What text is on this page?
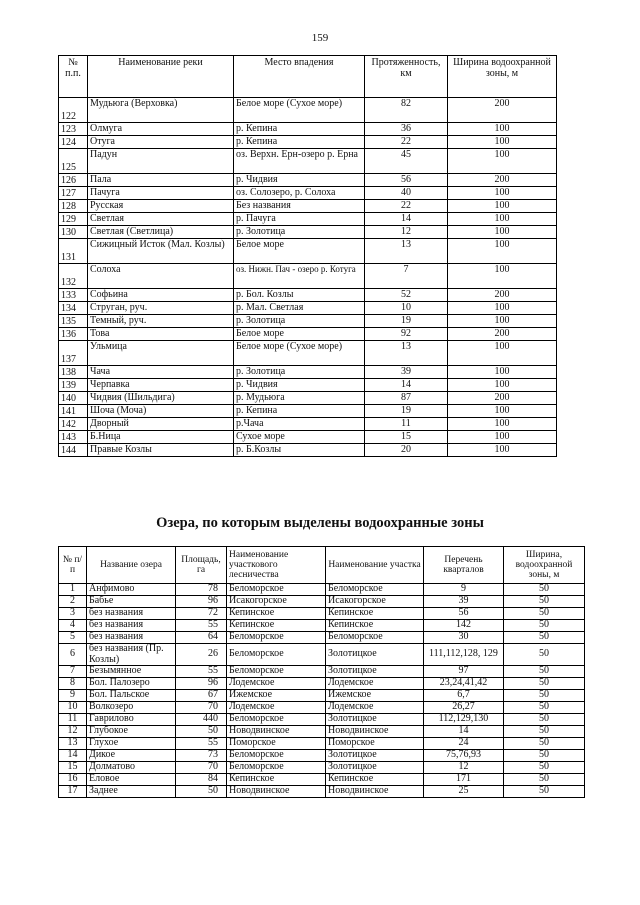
159
№ п.п.	Наименование реки	Место впадения	Протяженность, км	Ширина водоохранной зоны, м
122	Мудьюга (Верховка)	Белое море (Сухое море)	82	200
123	Олмуга	р. Кепина	36	100
124	Отуга	р. Кепина	22	100
125	Падун	оз. Верхн. Ерн-озеро р. Ерна	45	100
126	Пала	р. Чидвия	56	200
127	Пачуга	оз. Солозеро, р. Солоха	40	100
128	Русская	Без названия	22	100
129	Светлая	р. Пачуга	14	100
130	Светлая (Светлица)	р. Золотица	12	100
131	Сижицный Исток (Мал. Козлы)	Белое море	13	100
132	Солоха	оз. Нижн. Пач - озеро р. Котуга	7	100
133	Софьина	р. Бол. Козлы	52	200
134	Струган, руч.	р. Мал. Светлая	10	100
135	Темный, руч.	р. Золотица	19	100
136	Това	Белое море	92	200
137	Ульмица	Белое море (Сухое море)	13	100
138	Чача	р. Золотица	39	100
139	Черпавка	р. Чидвия	14	100
140	Чидвия (Шильдига)	р. Мудьюга	87	200
141	Шоча (Моча)	р. Кепина	19	100
142	Дворный	р.Чача	11	100
143	Б.Ница	Сухое море	15	100
144	Правые Козлы	р. Б.Козлы	20	100
Озера, по которым выделены водоохранные зоны
№ п/п	Название озера	Площадь, га	Наименование участкового лесничества	Наименование участка	Перечень кварталов	Ширина, водоохранной зоны, м
1	Анфимово	78	Беломорское	Беломорское	9	50
2	Бабье	96	Исакогорское	Исакогорское	39	50
3	без названия	72	Кепинское	Кепинское	56	50
4	без названия	55	Кепинское	Кепинское	142	50
5	без названия	64	Беломорское	Беломорское	30	50
6	без названия (Пр. Козлы)	26	Беломорское	Золотицкое	111,112,128, 129	50
7	Безымянное	55	Беломорское	Золотицкое	97	50
8	Бол. Палозеро	96	Лодемское	Лодемское	23,24,41,42	50
9	Бол. Пальское	67	Ижемское	Ижемское	6,7	50
10	Волкозеро	70	Лодемское	Лодемское	26,27	50
11	Гаврилово	440	Беломорское	Золотицкое	112,129,130	50
12	Глубокое	50	Новодвинское	Новодвинское	14	50
13	Глухое	55	Поморское	Поморское	24	50
14	Дикое	73	Беломорское	Золотицкое	75,76,93	50
15	Долматово	70	Беломорское	Золотицкое	12	50
16	Еловое	84	Кепинское	Кепинское	171	50
17	Заднее	50	Новодвинское	Новодвинское	25	50
